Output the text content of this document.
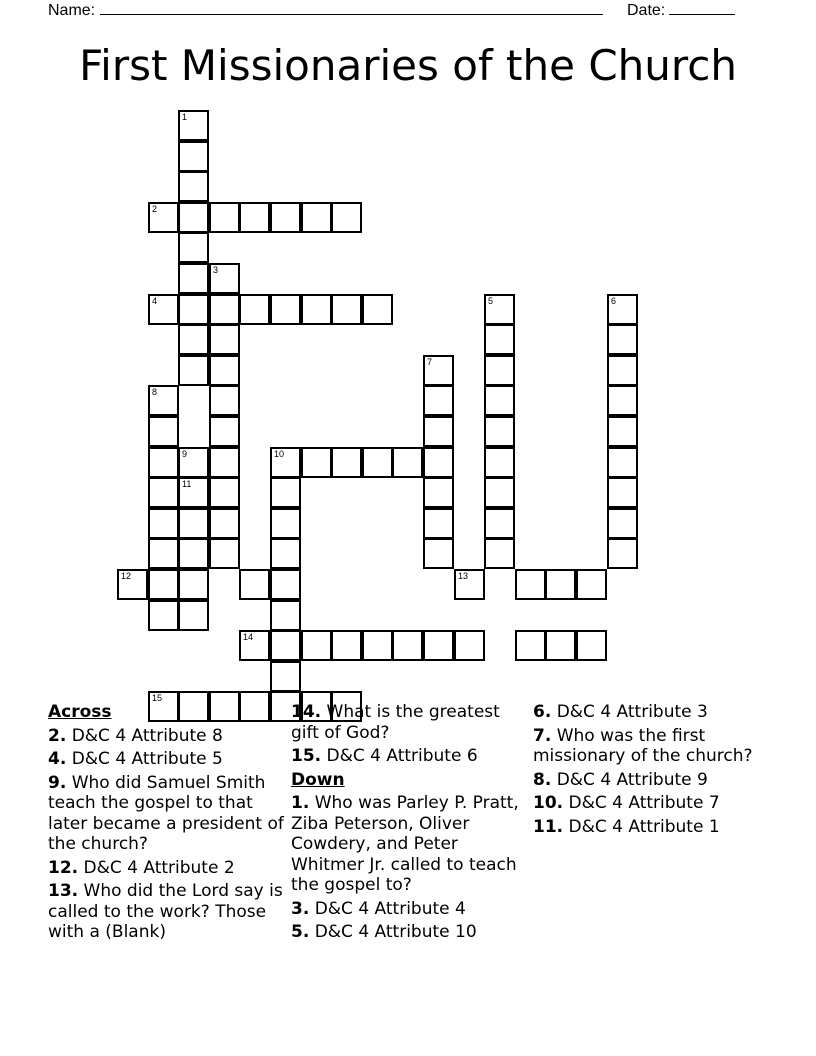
Name:	Date:
First Missionaries of the Church
1
2
3
4	5	6
7
8
9	10
11
12	13
14
15
Across
2. D&C 4 Attribute 8
4. D&C 4 Attribute 5
9. Who did Samuel Smith teach the gospel to that later became a president of the church?
12. D&C 4 Attribute 2
13. Who did the Lord say is called to the work? Those with a (Blank)
14. What is the greatest gift of God?
15. D&C 4 Attribute 6
Down
1. Who was Parley P. Pratt, Ziba Peterson, Oliver Cowdery, and Peter Whitmer Jr. called to teach the gospel to?
3. D&C 4 Attribute 4
5. D&C 4 Attribute 10
6. D&C 4 Attribute 3
7. Who was the first missionary of the church?
8. D&C 4 Attribute 9
10. D&C 4 Attribute 7
11. D&C 4 Attribute 1
